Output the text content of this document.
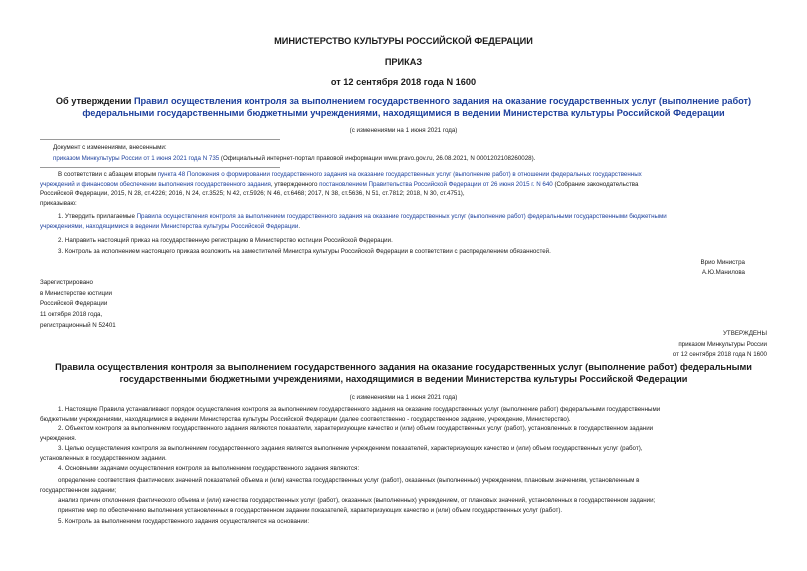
МИНИСТЕРСТВО КУЛЬТУРЫ РОССИЙСКОЙ ФЕДЕРАЦИИ
ПРИКАЗ
от 12 сентября 2018 года N 1600
Об утверждении Правил осуществления контроля за выполнением государственного задания на оказание государственных услуг (выполнение работ)
федеральными государственными бюджетными учреждениями, находящимися в ведении Министерства культуры Российской Федерации
(с изменениями на 1 июня 2021 года)
Документ с изменениями, внесенными:
приказом Минкультуры России от 1 июня 2021 года N 735 (Официальный интернет-портал правовой информации www.pravo.gov.ru, 26.08.2021, N 0001202108260028).
В соответствии с абзацем вторым пункта 48 Положения о формировании государственного задания на оказание государственных услуг (выполнение работ) в отношении федеральных государственных
учреждений и финансовом обеспечении выполнения государственного задания, утвержденного постановлением Правительства Российской Федерации от 26 июня 2015 г. N 640 (Собрание законодательства
Российской Федерации, 2015, N 28, ст.4226; 2016, N 24, ст.3525; N 42, ст.5926; N 46, ст.6468; 2017, N 38, ст.5636, N 51, ст.7812; 2018, N 30, ст.4751),
приказываю:
1. Утвердить прилагаемые Правила осуществления контроля за выполнением государственного задания на оказание государственных услуг (выполнение работ) федеральными государственными бюджетными
учреждениями, находящимися в ведении Министерства культуры Российской Федерации.
2. Направить настоящий приказ на государственную регистрацию в Министерство юстиции Российской Федерации.
3. Контроль за исполнением настоящего приказа возложить на заместителей Министра культуры Российской Федерации в соответствии с распределением обязанностей.
Врио Министра
А.Ю.Манилова
Зарегистрировано
в Министерстве юстиции
Российской Федерации
11 октября 2018 года,
регистрационный N 52401
УТВЕРЖДЕНЫ
приказом Минкультуры России
от 12 сентября 2018 года N 1600
Правила осуществления контроля за выполнением государственного задания на оказание государственных услуг (выполнение работ) федеральными
государственными бюджетными учреждениями, находящимися в ведении Министерства культуры Российской Федерации
(с изменениями на 1 июня 2021 года)
1. Настоящие Правила устанавливают порядок осуществления контроля за выполнением государственного задания на оказание государственных услуг (выполнение работ) федеральными государственными
бюджетными учреждениями, находящимися в ведении Министерства культуры Российской Федерации (далее соответственно - государственное задание, учреждение, Министерство).
2. Объектом контроля за выполнением государственного задания являются показатели, характеризующие качество и (или) объем государственных услуг (работ), установленных в государственном задании
учреждения.
3. Целью осуществления контроля за выполнением государственного задания является выполнение учреждением показателей, характеризующих качество и (или) объем государственных услуг (работ),
установленных в государственном задании.
4. Основными задачами осуществления контроля за выполнением государственного задания являются:
определение соответствия фактических значений показателей объема и (или) качества государственных услуг (работ), оказанных (выполненных) учреждением, плановым значениям, установленным в
государственном задании;
анализ причин отклонения фактического объема и (или) качества государственных услуг (работ), оказанных (выполненных) учреждением, от плановых значений, установленных в государственном задании;
принятие мер по обеспечению выполнения установленных в государственном задании показателей, характеризующих качество и (или) объем государственных услуг (работ).
5. Контроль за выполнением государственного задания осуществляется на основании:
